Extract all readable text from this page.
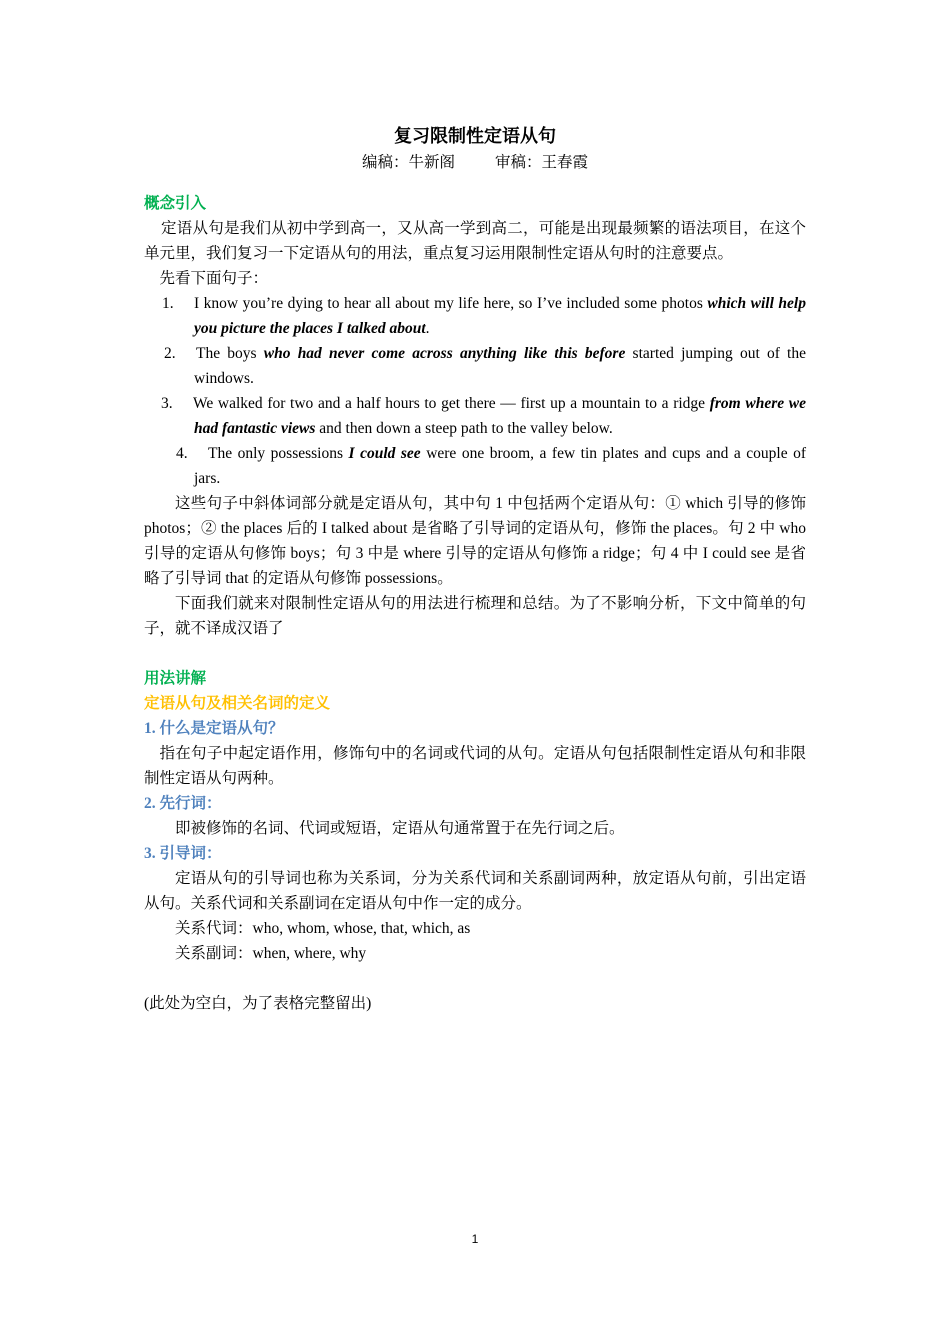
复习限制性定语从句

编稿：牛新阁	审稿：王春霞

概念引入

定语从句是我们从初中学到高一，又从高一学到高二，可能是出现最频繁的语法项目，在这个单元里，我们复习一下定语从句的用法，重点复习运用限制性定语从句时的注意要点。

先看下面句子：

1. I know you’re dying to hear all about my life here, so I’ve included some photos which will help you picture the places I talked about.

2. The boys who had never come across anything like this before started jumping out of the windows.

3. We walked for two and a half hours to get there — first up a mountain to a ridge from where we had fantastic views and then down a steep path to the valley below.

4. The only possessions I could see were one broom, a few tin plates and cups and a couple of jars.

这些句子中斜体词部分就是定语从句，其中句 1 中包括两个定语从句：① which 引导的修饰 photos；② the places 后的 I talked about 是省略了引导词的定语从句，修饰 the places。句 2 中 who 引导的定语从句修饰 boys；句 3 中是 where 引导的定语从句修饰 a ridge；句 4 中 I could see 是省略了引导词 that 的定语从句修饰 possessions。

下面我们就来对限制性定语从句的用法进行梳理和总结。为了不影响分析，下文中简单的句子，就不译成汉语了

用法讲解

定语从句及相关名词的定义

1. 什么是定语从句？

指在句子中起定语作用，修饰句中的名词或代词的从句。定语从句包括限制性定语从句和非限制性定语从句两种。

2. 先行词：

即被修饰的名词、代词或短语，定语从句通常置于在先行词之后。

3. 引导词：

定语从句的引导词也称为关系词，分为关系代词和关系副词两种，放定语从句前，引出定语从句。关系代词和关系副词在定语从句中作一定的成分。

关系代词：who, whom, whose, that, which, as

关系副词：when, where, why

(此处为空白，为了表格完整留出)

1
